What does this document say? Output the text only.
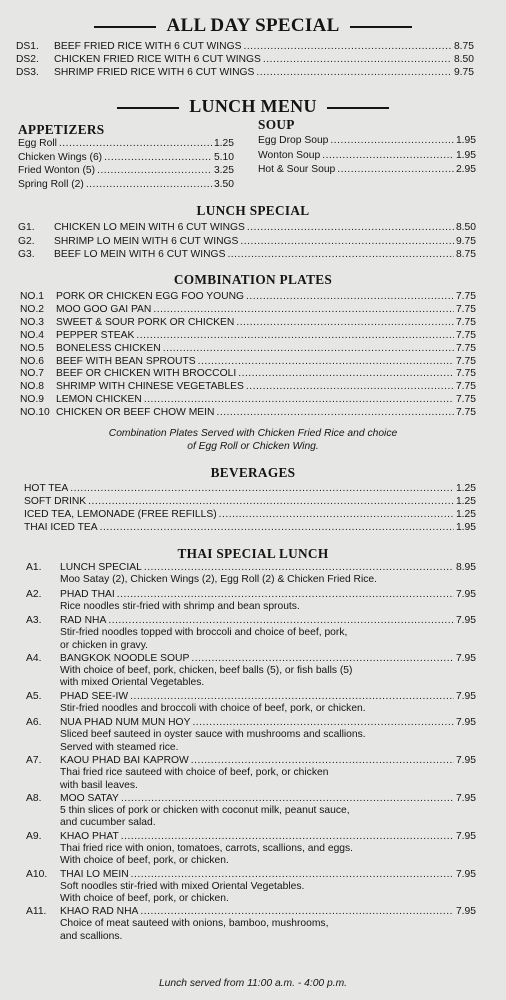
ALL DAY SPECIAL
DS1.	BEEF FRIED RICE WITH 6 CUT WINGS .....	8.75
DS2.	CHICKEN FRIED RICE WITH 6 CUT WINGS .....	8.50
DS3.	SHRIMP FRIED RICE WITH 6 CUT WINGS .....	9.75
LUNCH MENU
APPETIZERS
Egg Roll .....	1.25
Chicken Wings (6) .....	5.10
Fried Wonton (5) .....	3.25
Spring Roll (2) .....	3.50
SOUP
Egg Drop Soup .....	1.95
Wonton Soup .....	1.95
Hot & Sour Soup .....	2.95
LUNCH SPECIAL
G1.	CHICKEN LO MEIN WITH 6 CUT WINGS .....	8.50
G2.	SHRIMP LO MEIN WITH 6 CUT WINGS .....	9.75
G3.	BEEF LO MEIN WITH 6 CUT WINGS .....	8.75
COMBINATION PLATES
NO.1	PORK OR CHICKEN EGG FOO YOUNG .....	7.75
NO.2	MOO GOO GAI PAN .....	7.75
NO.3	SWEET & SOUR PORK OR CHICKEN .....	7.75
NO.4	PEPPER STEAK .....	7.75
NO.5	BONELESS CHICKEN .....	7.75
NO.6	BEEF WITH BEAN SPROUTS .....	7.75
NO.7	BEEF OR CHICKEN WITH BROCCOLI .....	7.75
NO.8	SHRIMP WITH CHINESE VEGETABLES .....	7.75
NO.9	LEMON CHICKEN .....	7.75
NO.10 CHICKEN OR BEEF CHOW MEIN .....	7.75
Combination Plates Served with Chicken Fried Rice and choice
of Egg Roll or Chicken Wing.
BEVERAGES
HOT TEA .....	1.25
SOFT DRINK .....	1.25
ICED TEA, LEMONADE (FREE REFILLS) .....	1.25
THAI ICED TEA .....	1.95
THAI SPECIAL LUNCH
A1.	LUNCH SPECIAL .....	8.95
Moo Satay (2), Chicken Wings (2), Egg Roll (2) & Chicken Fried Rice.
A2.	PHAD THAI .....	7.95
Rice noodles stir-fried with shrimp and bean sprouts.
A3.	RAD NHA .....	7.95
Stir-fried noodles topped with broccoli and choice of beef, pork,
or chicken in gravy.
A4.	BANGKOK NOODLE SOUP .....	7.95
With choice of beef, pork, chicken, beef balls (5), or fish balls (5)
with mixed Oriental Vegetables.
A5.	PHAD SEE-IW .....	7.95
Stir-fried noodles and broccoli with choice of beef, pork, or chicken.
A6.	NUA PHAD NUM MUN HOY .....	7.95
Sliced beef sauteed in oyster sauce with mushrooms and scallions.
Served with steamed rice.
A7.	KAOU PHAD BAI KAPROW .....	7.95
Thai fried rice sauteed with choice of beef, pork, or chicken
with basil leaves.
A8.	MOO SATAY .....	7.95
5 thin slices of pork or chicken with coconut milk, peanut sauce,
and cucumber salad.
A9.	KHAO PHAT .....	7.95
Thai fried rice with onion, tomatoes, carrots, scallions, and eggs.
With choice of beef, pork, or chicken.
A10.	THAI LO MEIN .....	7.95
Soft noodles stir-fried with mixed Oriental Vegetables.
With choice of beef, pork, or chicken.
A11.	KHAO RAD NHA .....	7.95
Choice of meat sauteed with onions, bamboo, mushrooms,
and scallions.
Lunch served from 11:00 a.m. - 4:00 p.m.
